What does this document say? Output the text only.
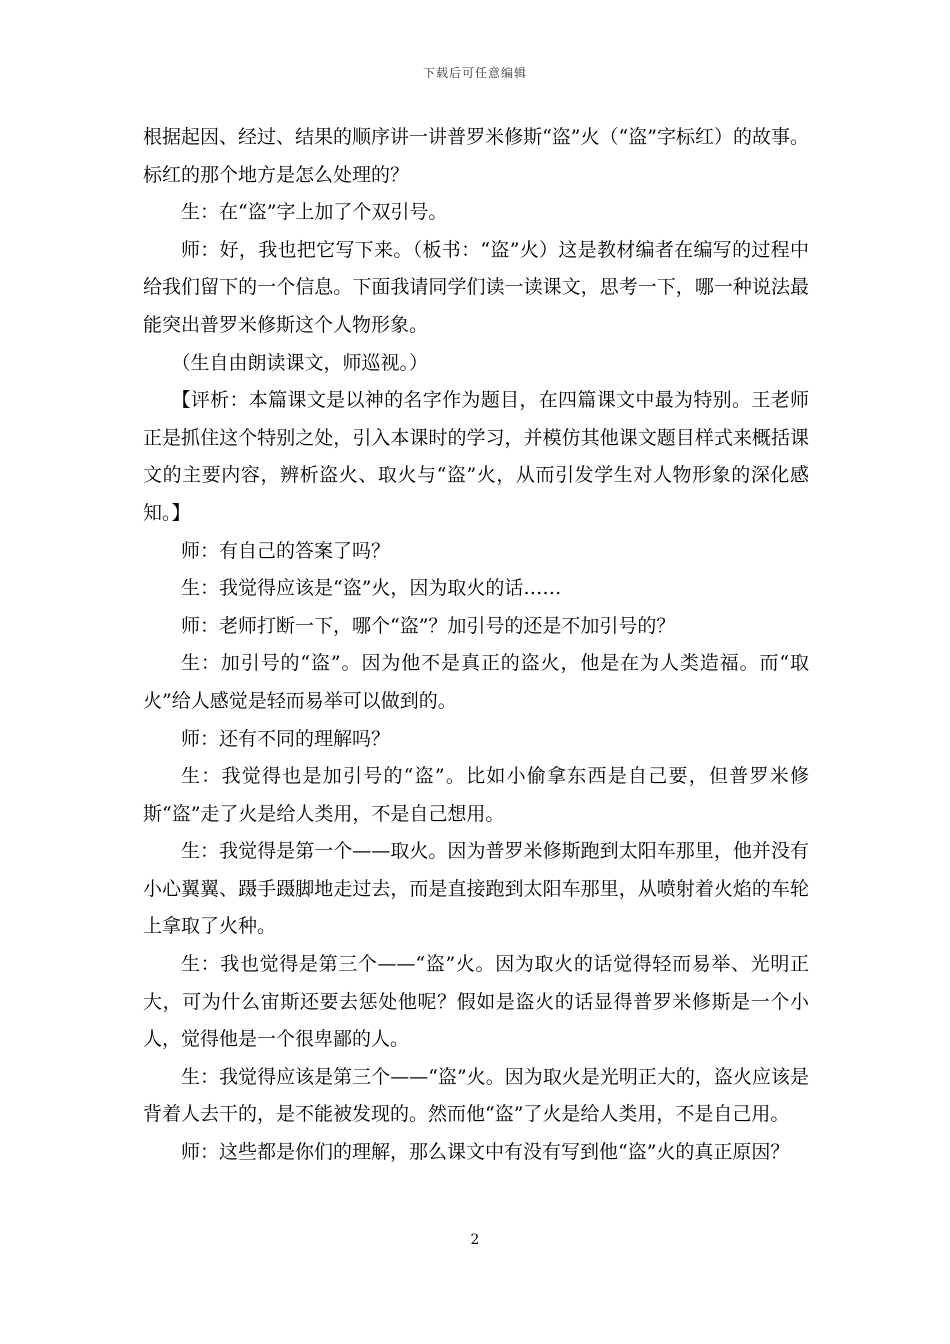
下载后可任意编辑

根据起因、经过、结果的顺序讲一讲普罗米修斯“盗”火（“盗”字标红）的故事。标红的那个地方是怎么处理的？

生：在“盗”字上加了个双引号。

师：好，我也把它写下来。（板书：“盗”火）这是教材编者在编写的过程中给我们留下的一个信息。下面我请同学们读一读课文，思考一下，哪一种说法最能突出普罗米修斯这个人物形象。

（生自由朗读课文，师巡视。）

【评析：本篇课文是以神的名字作为题目，在四篇课文中最为特别。王老师正是抓住这个特别之处，引入本课时的学习，并模仿其他课文题目样式来概括课文的主要内容，辨析盗火、取火与“盗”火，从而引发学生对人物形象的深化感知。】

师：有自己的答案了吗？

生：我觉得应该是“盗”火，因为取火的话……

师：老师打断一下，哪个“盗”？加引号的还是不加引号的？

生：加引号的“盗”。因为他不是真正的盗火，他是在为人类造福。而“取火”给人感觉是轻而易举可以做到的。

师：还有不同的理解吗？

生：我觉得也是加引号的“盗”。比如小偷拿东西是自己要，但普罗米修斯“盗”走了火是给人类用，不是自己想用。

生：我觉得是第一个——取火。因为普罗米修斯跑到太阳车那里，他并没有小心翼翼、蹑手蹑脚地走过去，而是直接跑到太阳车那里，从喷射着火焰的车轮上拿取了火种。

生：我也觉得是第三个——“盗”火。因为取火的话觉得轻而易举、光明正大，可为什么宙斯还要去惩处他呢？假如是盗火的话显得普罗米修斯是一个小人，觉得他是一个很卑鄙的人。

生：我觉得应该是第三个——“盗”火。因为取火是光明正大的，盗火应该是背着人去干的，是不能被发现的。然而他“盗”了火是给人类用，不是自己用。

师：这些都是你们的理解，那么课文中有没有写到他“盗”火的真正原因？

2
